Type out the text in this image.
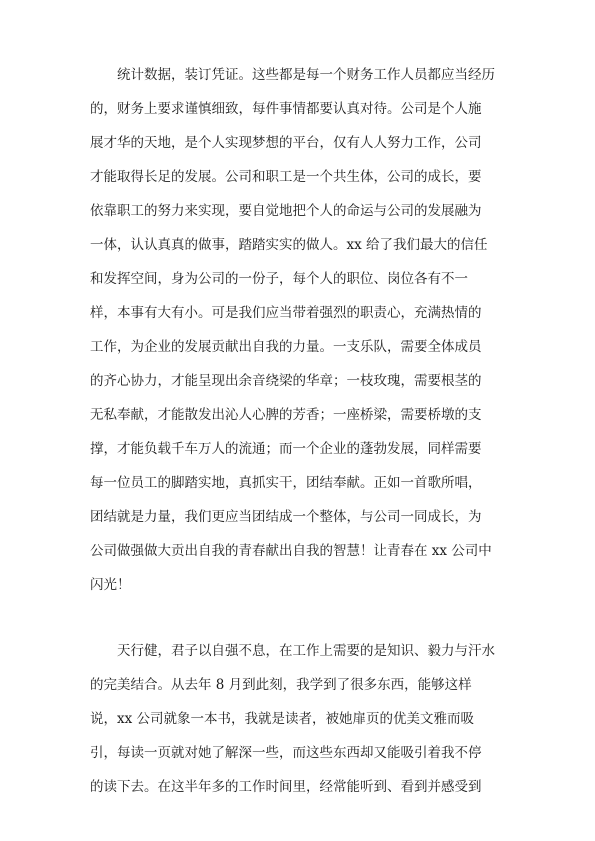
统计数据，装订凭证。这些都是每一个财务工作人员都应当经历
的，财务上要求谨慎细致，每件事情都要认真对待。公司是个人施
展才华的天地，是个人实现梦想的平台，仅有人人努力工作，公司
才能取得长足的发展。公司和职工是一个共生体，公司的成长，要
依靠职工的努力来实现，要自觉地把个人的命运与公司的发展融为
一体，认认真真的做事，踏踏实实的做人。xx 给了我们最大的信任
和发挥空间，身为公司的一份子，每个人的职位、岗位各有不一
样，本事有大有小。可是我们应当带着强烈的职责心，充满热情的
工作，为企业的发展贡献出自我的力量。一支乐队，需要全体成员
的齐心协力，才能呈现出余音绕梁的华章；一枝玫瑰，需要根茎的
无私奉献，才能散发出沁人心脾的芳香；一座桥梁，需要桥墩的支
撑，才能负载千车万人的流通；而一个企业的蓬勃发展，同样需要
每一位员工的脚踏实地，真抓实干，团结奉献。正如一首歌所唱，
团结就是力量，我们更应当团结成一个整体，与公司一同成长，为
公司做强做大贡出自我的青春献出自我的智慧！让青春在 xx 公司中
闪光！
天行健，君子以自强不息，在工作上需要的是知识、毅力与汗水
的完美结合。从去年 8 月到此刻，我学到了很多东西，能够这样
说，xx 公司就象一本书，我就是读者，被她扉页的优美文雅而吸
引，每读一页就对她了解深一些，而这些东西却又能吸引着我不停
的读下去。在这半年多的工作时间里，经常能听到、看到并感受到
